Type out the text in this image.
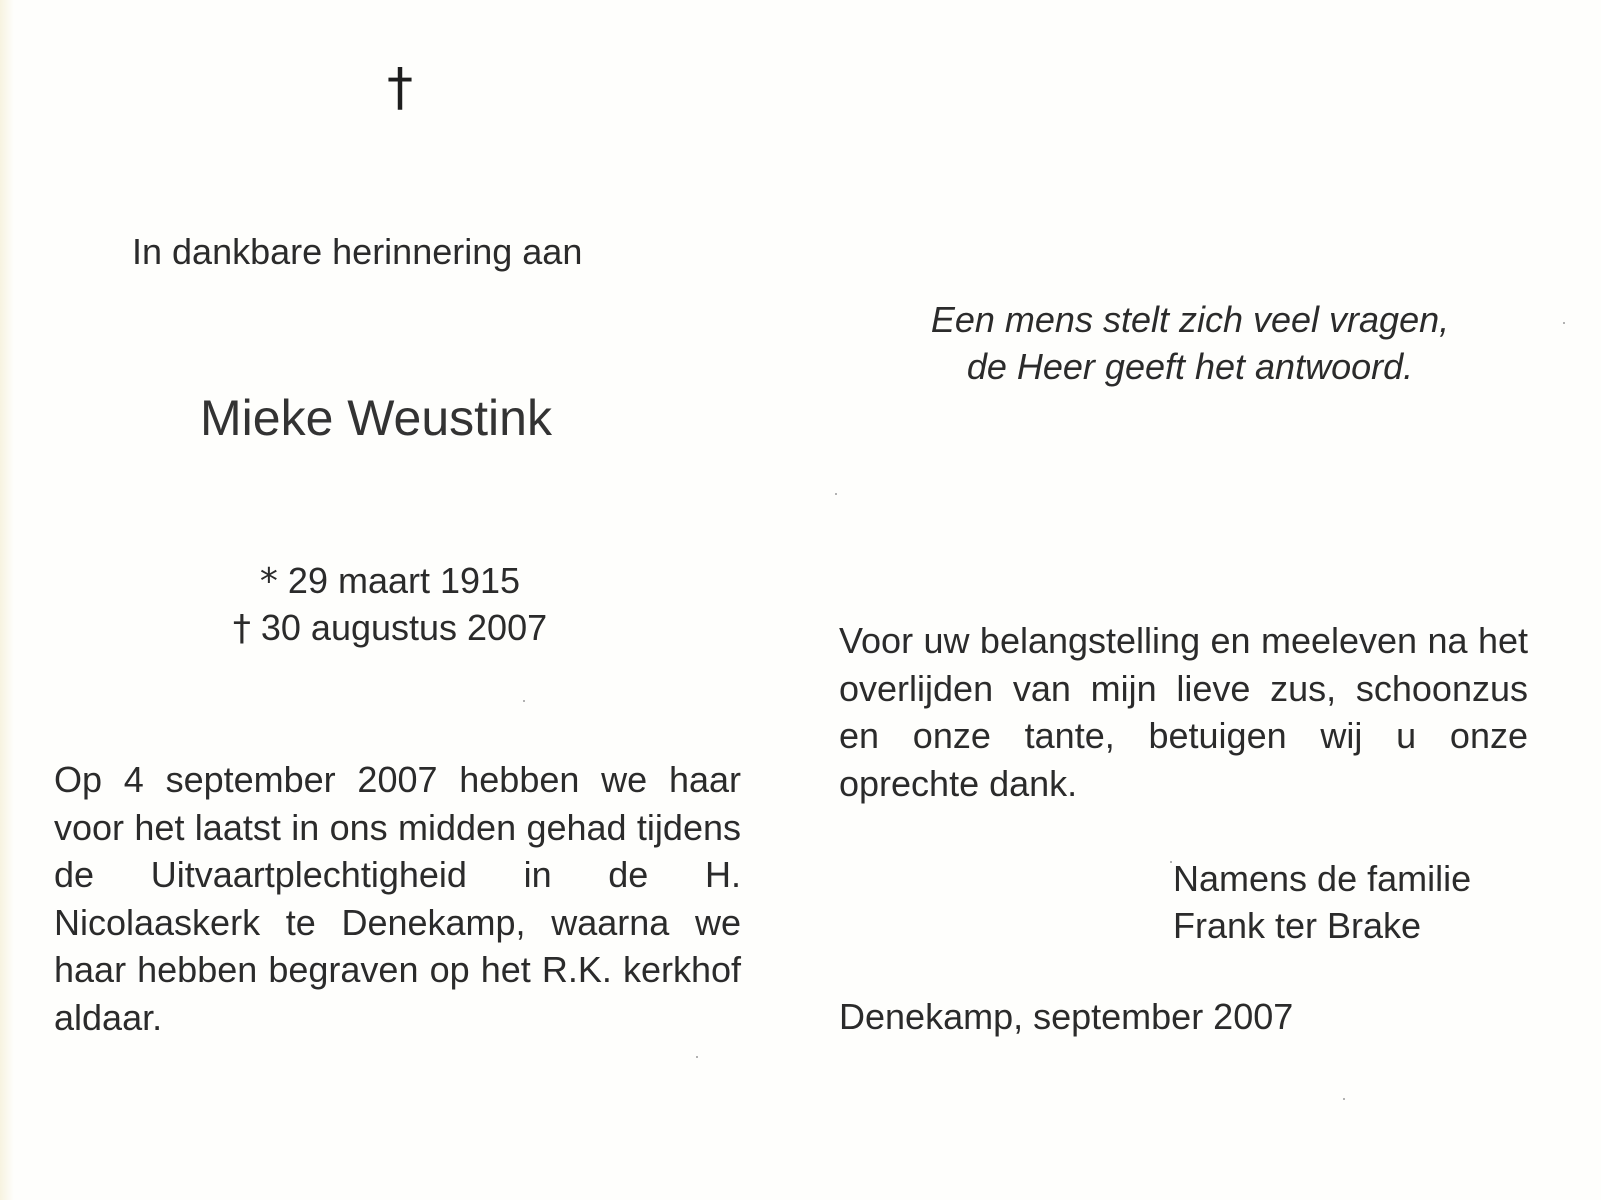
†

In dankbare herinnering aan

Mieke Weustink
* 29 maart 1915
† 30 augustus 2007

Op 4 september 2007 hebben we haar voor het laatst in ons midden gehad tijdens de Uitvaartplechtigheid in de H. Nicolaaskerk te Denekamp, waarna we haar hebben begraven op het R.K. kerkhof aldaar.

Een mens stelt zich veel vragen,
de Heer geeft het antwoord.

Voor uw belangstelling en meeleven na het overlijden van mijn lieve zus, schoonzus en onze tante, betuigen wij u onze oprechte dank.

Namens de familie
Frank ter Brake

Denekamp, september 2007
